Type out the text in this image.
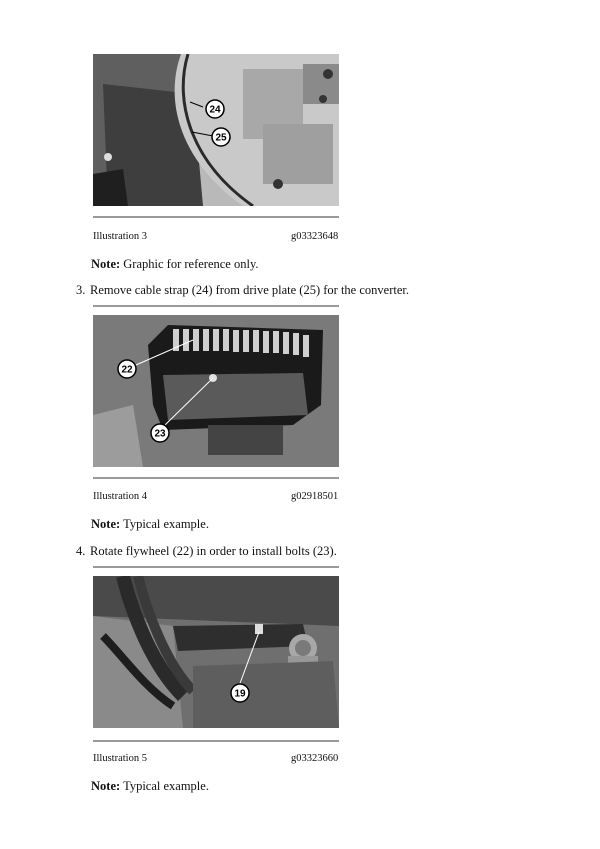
24
25
Illustration 3	g03323648
Note: Graphic for reference only.
3. Remove cable strap (24) from drive plate (25) for the converter.
22
23
Illustration 4	g02918501
Note: Typical example.
4. Rotate flywheel (22) in order to install bolts (23).
19
Illustration 5	g03323660
Note: Typical example.
